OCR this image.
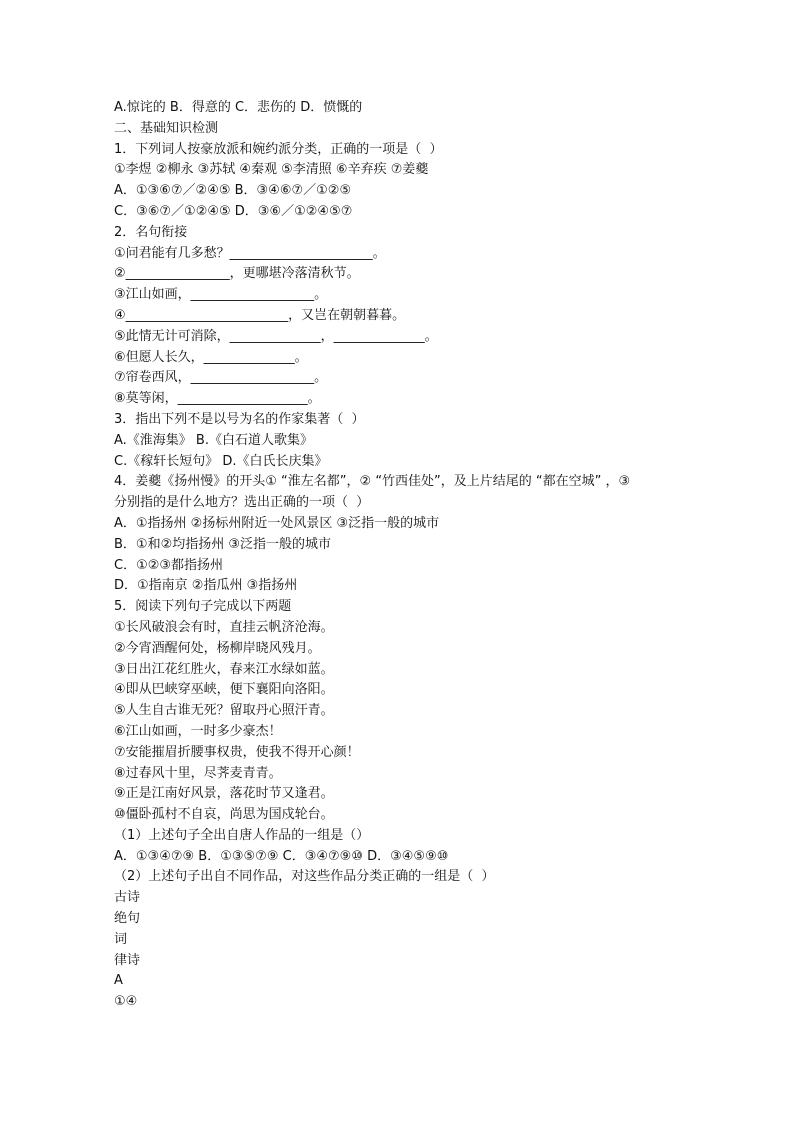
A.惊诧的 B．得意的 C．悲伤的 D．愤慨的
二、基础知识检测
1．下列词人按豪放派和婉约派分类，正确的一项是（  ）
①李煜 ②柳永 ③苏轼 ④秦观 ⑤李清照 ⑥辛弃疾 ⑦姜夔
A．①③⑥⑦／②④⑤ B．③④⑥⑦／①②⑤
C．③⑥⑦／①②④⑤ D．③⑥／①②④⑤⑦
2．名句衔接
①问君能有几多愁？______________________。
②________________，更哪堪冷落清秋节。
③江山如画，___________________。
④_________________________，又岂在朝朝暮暮。
⑤此情无计可消除，______________，______________。
⑥但愿人长久，______________。
⑦帘卷西风，___________________。
⑧莫等闲，____________________。
3．指出下列不是以号为名的作家集著（  ）
A.《淮海集》 B.《白石道人歌集》
C.《稼轩长短句》 D.《白氏长庆集》
4．姜夔《扬州慢》的开头① “淮左名都”，② “竹西佳处”，及上片结尾的 “都在空城” ，③
分别指的是什么地方？选出正确的一项（  ）
A．①指扬州 ②扬标州附近一处风景区 ③泛指一般的城市
B．①和②均指扬州 ③泛指一般的城市
C．①②③都指扬州
D．①指南京 ②指瓜州 ③指扬州
5．阅读下列句子完成以下两题
①长风破浪会有时，直挂云帆济沧海。
②今宵酒醒何处，杨柳岸晓风残月。
③日出江花红胜火，春来江水绿如蓝。
④即从巴峡穿巫峡，便下襄阳向洛阳。
⑤人生自古谁无死？留取丹心照汗青。
⑥江山如画，一时多少豪杰！
⑦安能摧眉折腰事权贵，使我不得开心颜！
⑧过春风十里，尽荠麦青青。
⑨正是江南好风景，落花时节又逢君。
⑩僵卧孤村不自哀，尚思为国戍轮台。
（1）上述句子全出自唐人作品的一组是（）
A．①③④⑦⑨ B．①③⑤⑦⑨ C．③④⑦⑨⑩ D．③④⑤⑨⑩
（2）上述句子出自不同作品，对这些作品分类正确的一组是（  ）
古诗
绝句
词
律诗
A
①④
